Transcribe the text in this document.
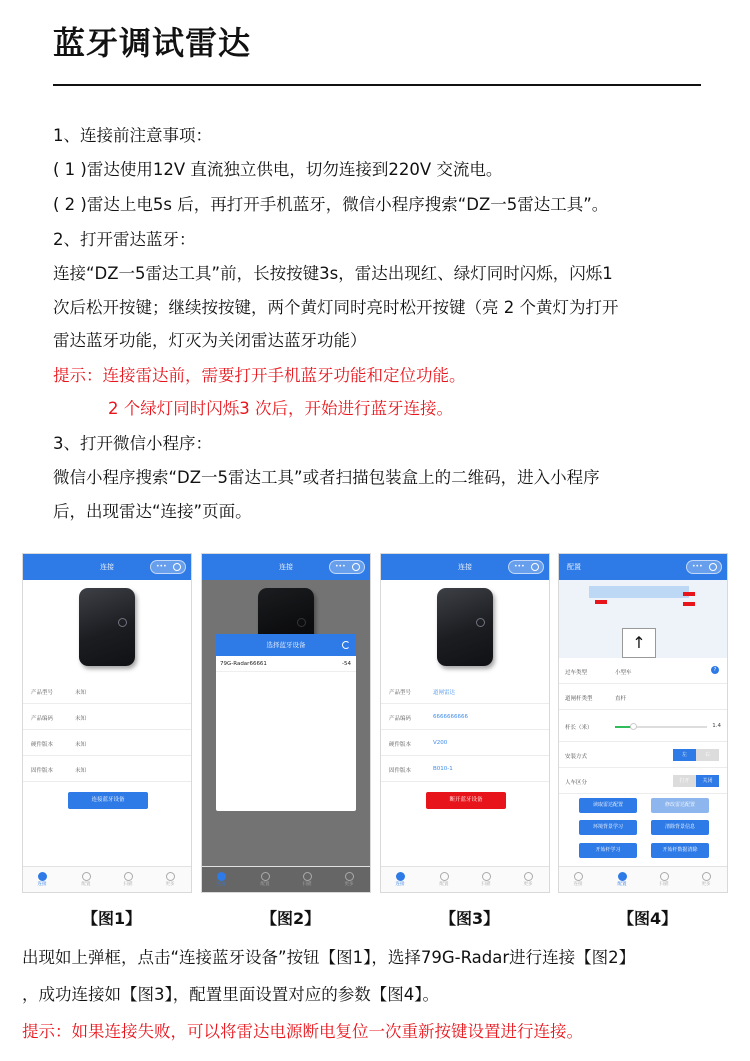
蓝牙调试雷达
1、连接前注意事项：
( 1 )雷达使用12V 直流独立供电，切勿连接到220V 交流电。
( 2 )雷达上电5s 后，再打开手机蓝牙，微信小程序搜索“DZ一5雷达工具”。
2、打开雷达蓝牙：
连接“DZ一5雷达工具”前，长按按键3s，雷达出现红、绿灯同时闪烁，闪烁1
次后松开按键；继续按按键，两个黄灯同时亮时松开按键（亮 2 个黄灯为打开
雷达蓝牙功能，灯灭为关闭雷达蓝牙功能）
提示：连接雷达前，需要打开手机蓝牙功能和定位功能。
2 个绿灯同时闪烁3 次后，开始进行蓝牙连接。
3、打开微信小程序：
微信小程序搜索“DZ一5雷达工具”或者扫描包装盒上的二维码，进入小程序
后，出现雷达“连接”页面。
连接	•••
产品型号	未知
产品编码	未知
硬件版本	未知
固件版本	未知
连接蓝牙设备
连接	配置	扫描	更多
连接	•••
选择蓝牙设备
79G-Radar66661	-54
连接	配置	扫描	更多
连接	•••
产品型号	道闸雷达
产品编码	6666666666
硬件版本	V200
固件版本	B010-1
断开蓝牙设备
连接	配置	扫描	更多
配置	•••
↑
过车类型	小型车	?
道闸杆类型	直杆
杆长（米）	1.4
安装方式	左	右
人车区分	打开	关闭
读取雷达配置	修改雷达配置
环境背景学习	清除背景信息
开始杆学习	开始杆数据清除
连接	配置	扫描	更多
【图1】	【图2】	【图3】	【图4】
出现如上弹框，点击“连接蓝牙设备”按钮【图1】，选择79G-Radar进行连接【图2】
，成功连接如【图3】，配置里面设置对应的参数【图4】。
提示：如果连接失败，可以将雷达电源断电复位一次重新按键设置进行连接。
